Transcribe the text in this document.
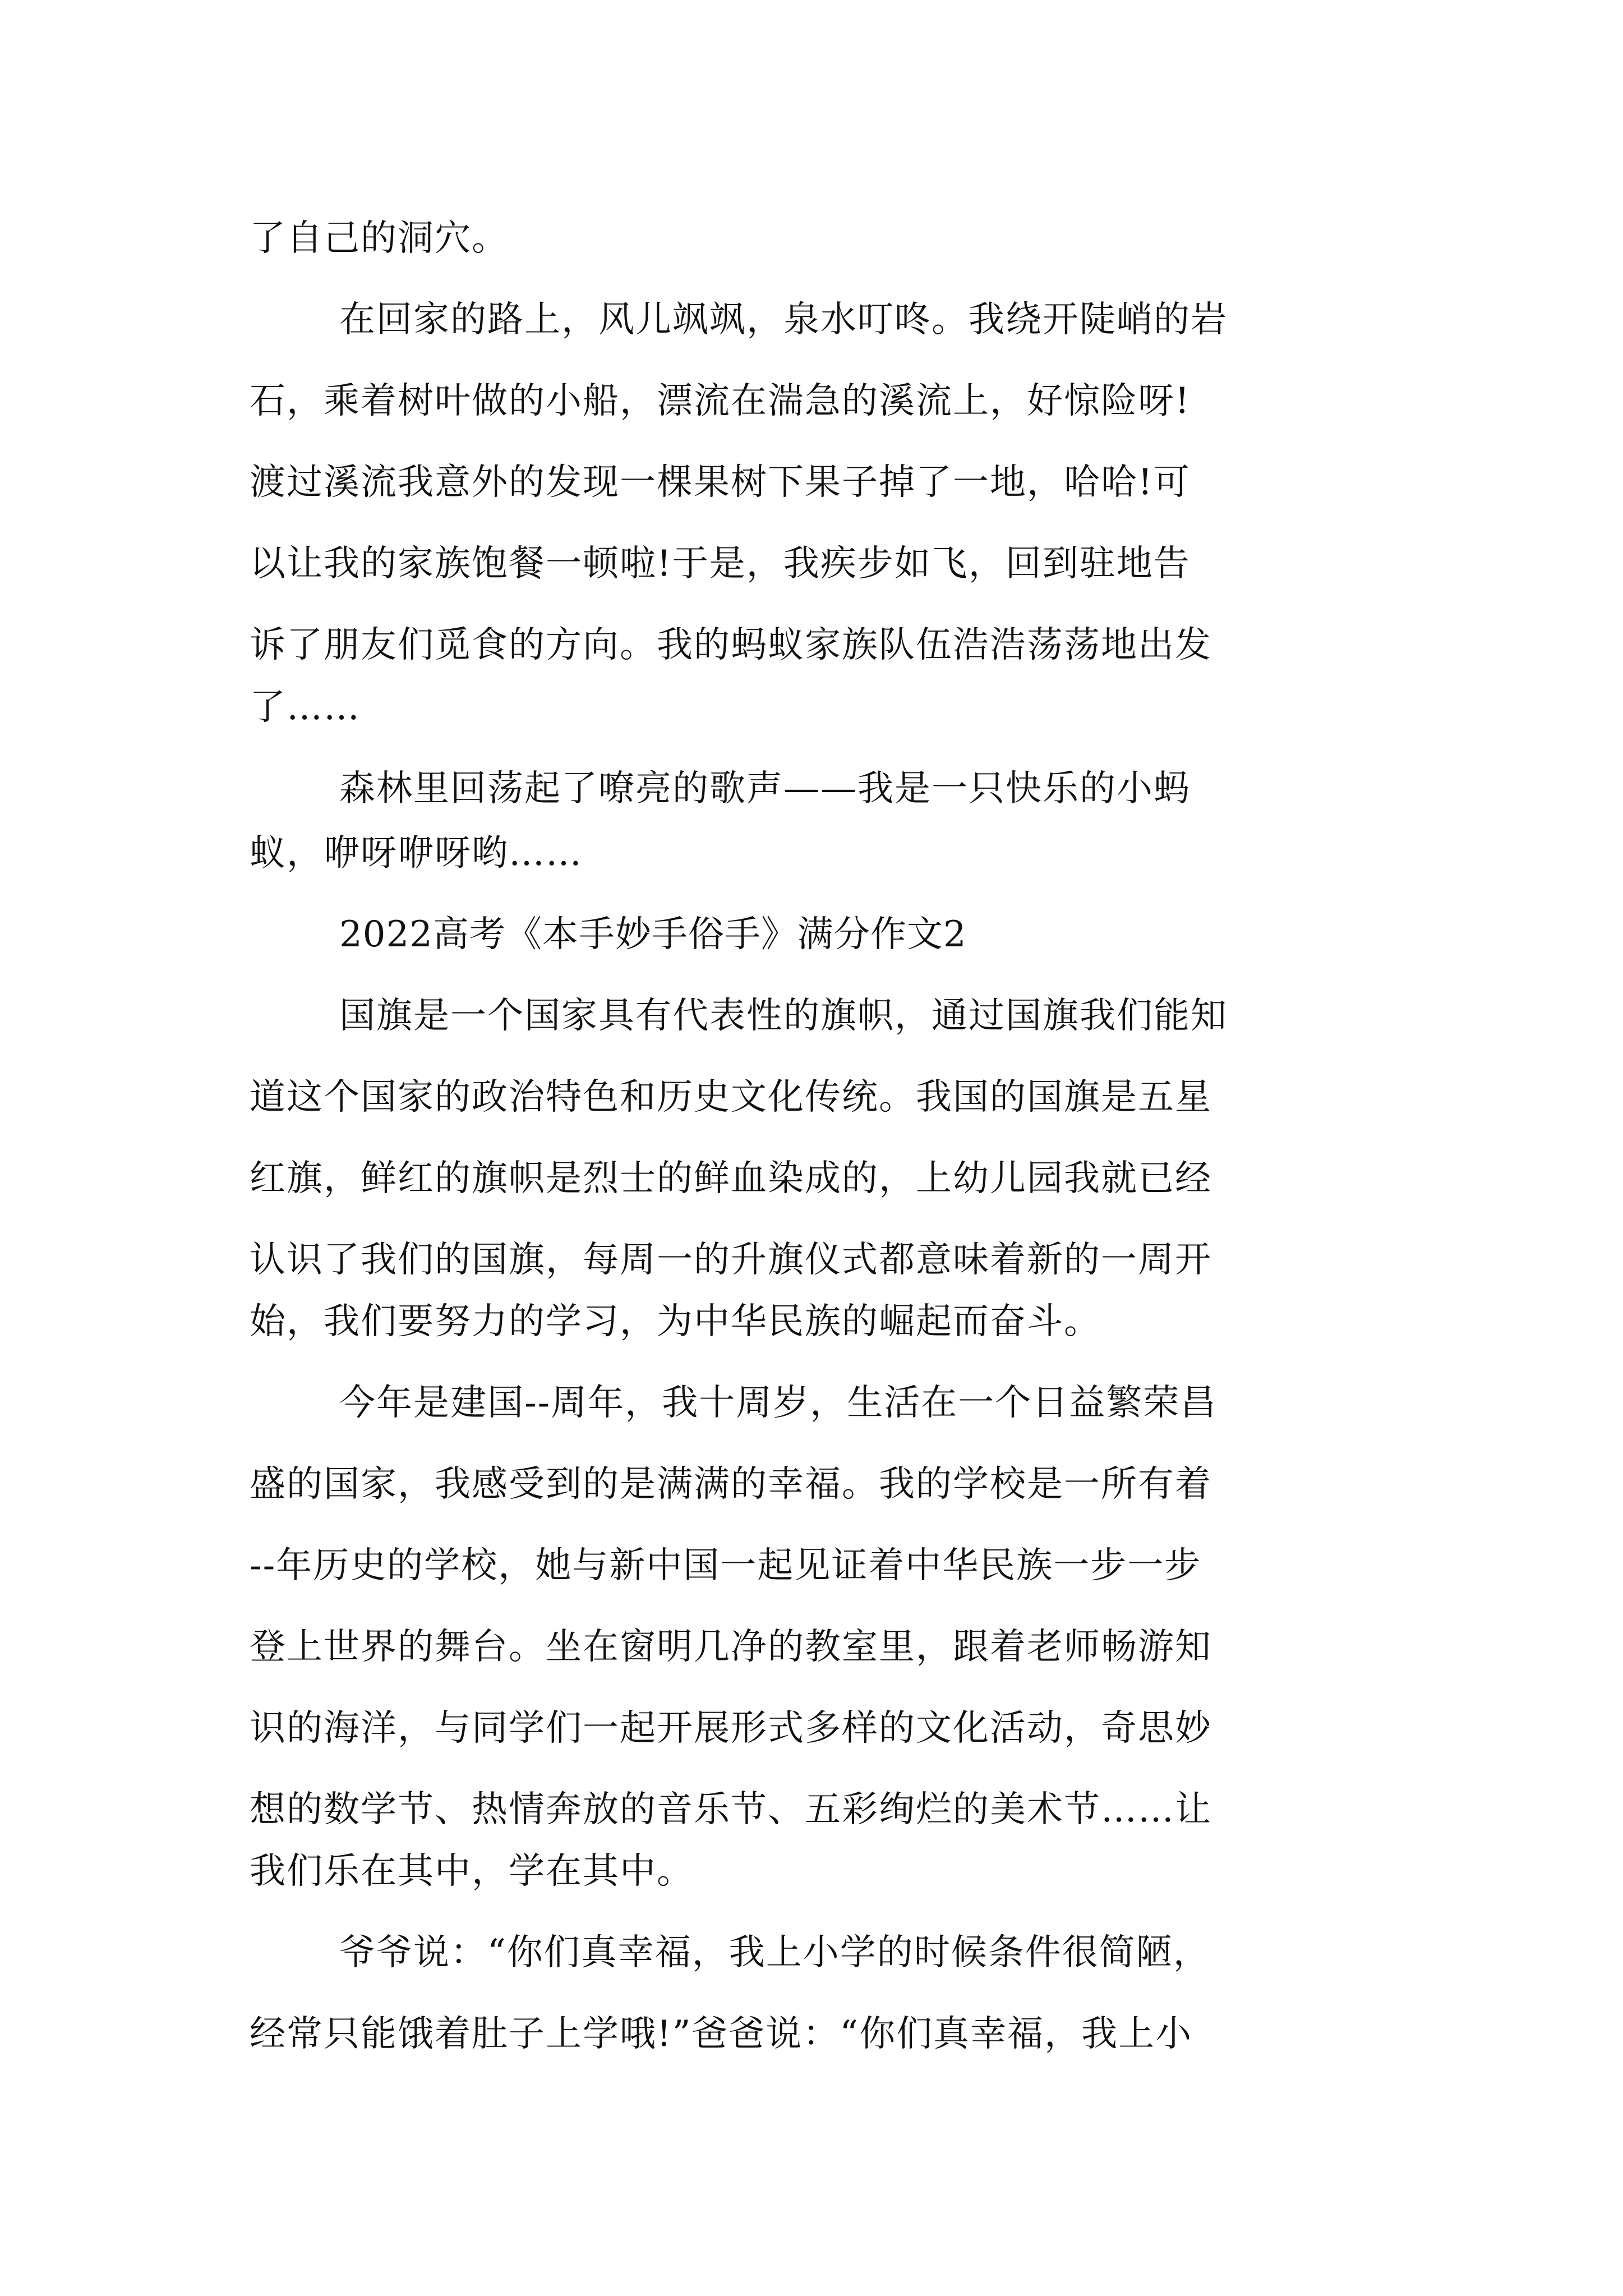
了自己的洞穴。
在回家的路上，风儿飒飒，泉水叮咚。我绕开陡峭的岩
石，乘着树叶做的小船，漂流在湍急的溪流上，好惊险呀!
渡过溪流我意外的发现一棵果树下果子掉了一地，哈哈!可
以让我的家族饱餐一顿啦!于是，我疾步如飞，回到驻地告
诉了朋友们觅食的方向。我的蚂蚁家族队伍浩浩荡荡地出发
了……
森林里回荡起了嘹亮的歌声——我是一只快乐的小蚂
蚁，咿呀咿呀哟……
2022高考《本手妙手俗手》满分作文2
国旗是一个国家具有代表性的旗帜，通过国旗我们能知
道这个国家的政治特色和历史文化传统。我国的国旗是五星
红旗，鲜红的旗帜是烈士的鲜血染成的，上幼儿园我就已经
认识了我们的国旗，每周一的升旗仪式都意味着新的一周开
始，我们要努力的学习，为中华民族的崛起而奋斗。
今年是建国--周年，我十周岁，生活在一个日益繁荣昌
盛的国家，我感受到的是满满的幸福。我的学校是一所有着
--年历史的学校，她与新中国一起见证着中华民族一步一步
登上世界的舞台。坐在窗明几净的教室里，跟着老师畅游知
识的海洋，与同学们一起开展形式多样的文化活动，奇思妙
想的数学节、热情奔放的音乐节、五彩绚烂的美术节……让
我们乐在其中，学在其中。
爷爷说：“你们真幸福，我上小学的时候条件很简陋，
经常只能饿着肚子上学哦!”爸爸说：“你们真幸福，我上小
